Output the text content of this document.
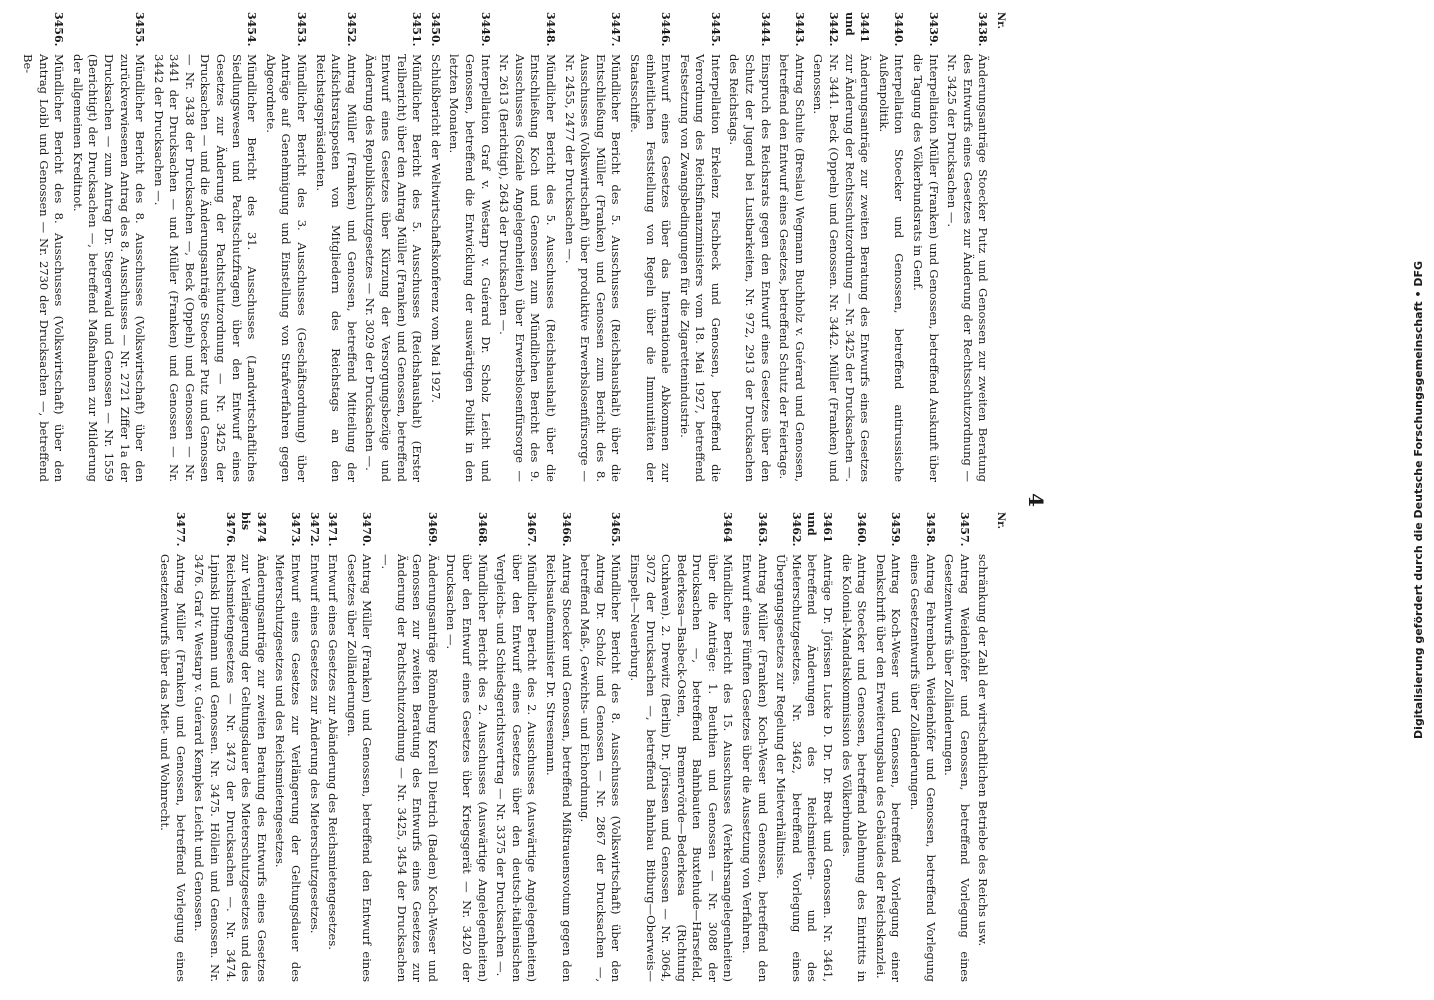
4
Nr.
3438.
Änderungsanträge Stoecker Putz und Genossen zur zweiten Beratung des Entwurfs eines Gesetzes zur Änderung der Rechtsschutzordnung — Nr. 3425 der Drucksachen —.
3439.
Interpellation Müller (Franken) und Genossen, betreffend Auskunft über die Tagung des Völkerbundsrats in Genf.
3440.
Interpellation Stoecker und Genossen, betreffend antirussische Außenpolitik.
3441 und 3442.
Änderungsanträge zur zweiten Beratung des Entwurfs eines Gesetzes zur Änderung der Rechtsschutzordnung — Nr. 3425 der Drucksachen —. Nr. 3441. Beck (Oppeln) und Genossen. Nr. 3442. Müller (Franken) und Genossen.
3443.
Antrag Schulte (Breslau) Wegmann Buchholz v. Guérard und Genossen, betreffend den Entwurf eines Gesetzes, betreffend Schutz der Feiertage.
3444.
Einspruch des Reichsrats gegen den Entwurf eines Gesetzes über den Schutz der Jugend bei Lustbarkeiten, Nr. 972, 2913 der Drucksachen des Reichstags.
3445.
Interpellation Erkelenz Fischbeck und Genossen, betreffend die Verordnung des Reichsfinanzministers vom 18. Mai 1927, betreffend Festsetzung von Zwangsbedingungen für die Zigarettenindustrie.
3446.
Entwurf eines Gesetzes über das Internationale Abkommen zur einheitlichen Feststellung von Regeln über die Immunitäten der Staatsschiffe.
3447.
Mündlicher Bericht des 5. Ausschusses (Reichshaushalt) über die Entschließung Müller (Franken) und Genossen zum Bericht des 8. Ausschusses (Volkswirtschaft) über produktive Erwerbslosenfürsorge — Nr. 2455, 2477 der Drucksachen —.
3448.
Mündlicher Bericht des 5. Ausschusses (Reichshaushalt) über die Entschließung Koch und Genossen zum Mündlichen Bericht des 9. Ausschusses (Soziale Angelegenheiten) über Erwerbslosenfürsorge — Nr. 2613 (Berichtigt), 2643 der Drucksachen —.
3449.
Interpellation Graf v. Westarp v. Guérard Dr. Scholz Leicht und Genossen, betreffend die Entwicklung der auswärtigen Politik in den letzten Monaten.
3450.
Schlußbericht der Weltwirtschaftskonferenz vom Mai 1927.
3451.
Mündlicher Bericht des 5. Ausschusses (Reichshaushalt) (Erster Teilbericht) über den Antrag Müller (Franken) und Genossen, betreffend Entwurf eines Gesetzes über Kürzung der Versorgungsbezüge und Änderung des Republikschutzgesetzes — Nr. 3029 der Drucksachen —.
3452.
Antrag Müller (Franken) und Genossen, betreffend Mitteilung der Aufsichtsratsposten von Mitgliedern des Reichstags an den Reichstagspräsidenten.
3453.
Mündlicher Bericht des 3. Ausschusses (Geschäftsordnung) über Anträge auf Genehmigung und Einstellung von Strafverfahren gegen Abgeordnete.
3454.
Mündlicher Bericht des 31. Ausschusses (Landwirtschaftliches Siedlungswesen und Pachtschutzfragen) über den Entwurf eines Gesetzes zur Änderung der Pachtschutzordnung — Nr. 3425 der Drucksachen — und die Änderungsanträge Stoecker Putz und Genossen — Nr. 3438 der Drucksachen —, Beck (Oppeln) und Genossen — Nr. 3441 der Drucksachen — und Müller (Franken) und Genossen — Nr. 3442 der Drucksachen —.
3455.
Mündlicher Bericht des 8. Ausschusses (Volkswirtschaft) über den zurückverwiesenen Antrag des 8. Ausschusses — Nr. 2721 Ziffer 1a der Drucksachen — zum Antrag Dr. Stegerwald und Genossen — Nr. 1559 (Berichtigt) der Drucksachen —, betreffend Maßnahmen zur Milderung der allgemeinen Kreditnot.
3456.
Mündlicher Bericht des 8. Ausschusses (Volkswirtschaft) über den Antrag Loibl und Genossen — Nr. 2730 der Drucksachen —, betreffend Be-
Nr.
schränkung der Zahl der wirtschaftlichen Betriebe des Reichs usw.
3457.
Antrag Weidenhöfer und Genossen, betreffend Vorlegung eines Gesetzentwurfs über Zolländerungen.
3458.
Antrag Fehrenbach Weidenhöfer und Genossen, betreffend Vorlegung eines Gesetzentwurfs über Zolländerungen.
3459.
Antrag Koch-Weser und Genossen, betreffend Vorlegung einer Denkschrift über den Erweiterungsbau des Gebäudes der Reichskanzlei.
3460.
Antrag Stoecker und Genossen, betreffend Ablehnung des Eintritts in die Kolonial-Mandatskommission des Völkerbundes.
3461 und 3462.
Anträge Dr. Jörissen Lucke D. Dr. Dr. Bredt und Genossen. Nr. 3461, betreffend Änderungen des Reichsmieten- und des Mieterschutzgesetzes. Nr. 3462, betreffend Vorlegung eines Übergangsgesetzes zur Regelung der Mietverhältnisse.
3463.
Antrag Müller (Franken) Koch-Weser und Genossen, betreffend den Entwurf eines Fünften Gesetzes über die Aussetzung von Verfahren.
3464
Mündlicher Bericht des 15. Ausschusses (Verkehrsangelegenheiten) über die Anträge: 1. Beuthien und Genossen — Nr. 3088 der Drucksachen —, betreffend Bahnbauten Buxtehude—Harsefeld, Bederkesa—Basbeck-Osten, Bremervörde—Bederkesa (Richtung Cuxhaven). 2. Drewitz (Berlin) Dr. Jörissen und Genossen — Nr. 3064, 3072 der Drucksachen —, betreffend Bahnbau Bitburg—Oberweis—Einspelt—Neuerburg.
3465.
Mündlicher Bericht des 8. Ausschusses (Volkswirtschaft) über den Antrag Dr. Scholz und Genossen — Nr. 2867 der Drucksachen —, betreffend Maß-, Gewichts- und Eichordnung.
3466.
Antrag Stoecker und Genossen, betreffend Mißtrauensvotum gegen den Reichsaußenminister Dr. Stresemann.
3467.
Mündlicher Bericht des 2. Ausschusses (Auswärtige Angelegenheiten) über den Entwurf eines Gesetzes über den deutsch-italienischen Vergleichs- und Schiedsgerichtsvertrag — Nr. 3375 der Drucksachen —.
3468.
Mündlicher Bericht des 2. Ausschusses (Auswärtige Angelegenheiten) über den Entwurf eines Gesetzes über Kriegsgerät — Nr. 3420 der Drucksachen —.
3469.
Änderungsanträge Rönneburg Korell Dietrich (Baden) Koch-Weser und Genossen zur zweiten Beratung des Entwurfs eines Gesetzes zur Änderung der Pachtschutzordnung — Nr. 3425, 3454 der Drucksachen —.
3470.
Antrag Müller (Franken) und Genossen, betreffend den Entwurf eines Gesetzes über Zolländerungen.
3471.
Entwurf eines Gesetzes zur Abänderung des Reichsmietengesetzes.
3472.
Entwurf eines Gesetzes zur Änderung des Mieterschutzgesetzes.
3473.
Entwurf eines Gesetzes zur Verlängerung der Geltungsdauer des Mieterschutzgesetzes und des Reichsmietengesetzes.
3474 bis 3476.
Änderungsanträge zur zweiten Beratung des Entwurfs eines Gesetzes zur Verlängerung der Geltungsdauer des Mieterschutzgesetzes und des Reichsmietengesetzes — Nr. 3473 der Drucksachen —. Nr. 3474. Lipinski Dittmann und Genossen. Nr. 3475. Höllein und Genossen. Nr. 3476. Graf v. Westarp v. Guérard Kempkes Leicht und Genossen.
3477.
Antrag Müller (Franken) und Genossen, betreffend Vorlegung eines Gesetzentwurfs über das Miet- und Wohnrecht.	Digitalisierung gefördert durch die Deutsche Forschungsgemeinschaft • DFG
